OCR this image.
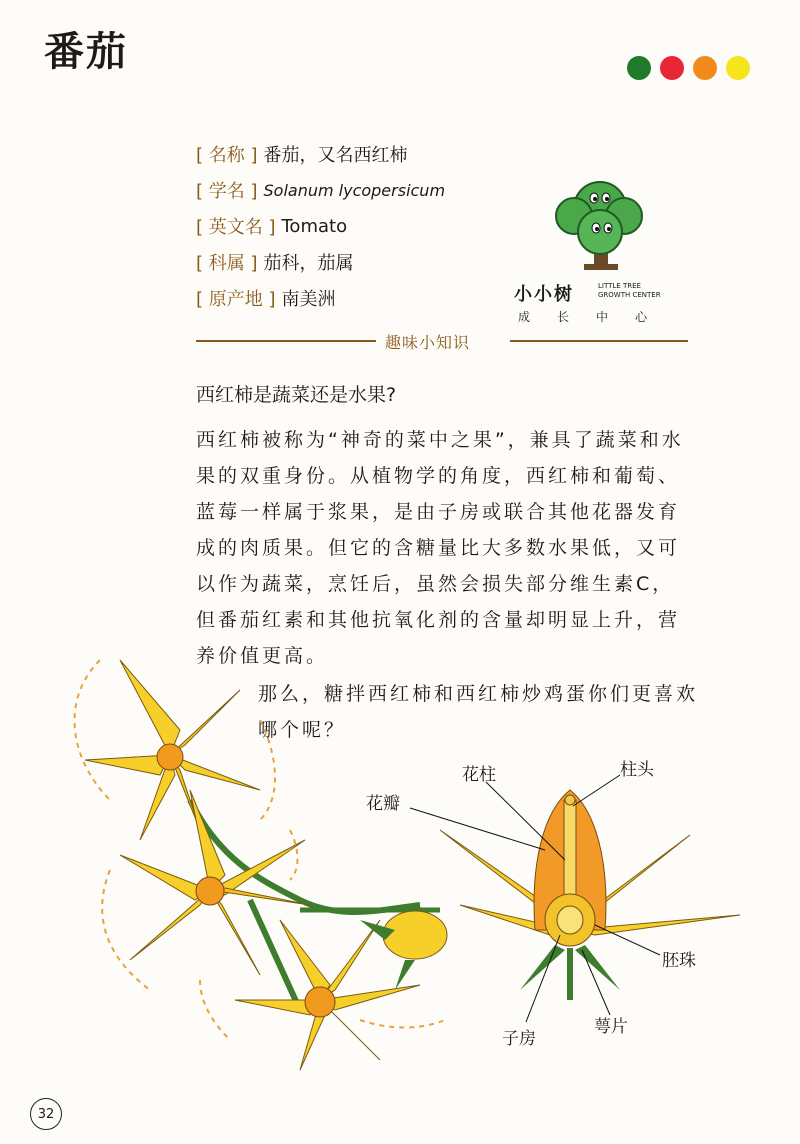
番茄
[ 名称 ] 番茄，又名西红柿
[ 学名 ] Solanum lycopersicum
[ 英文名 ] Tomato
[ 科属 ] 茄科，茄属
[ 原产地 ] 南美洲	小小树	LITTLE TREE
GROWTH CENTER
成长中心
趣味小知识
西红柿是蔬菜还是水果?
西红柿被称为“神奇的菜中之果”，兼具了蔬菜和水果的双重身份。从植物学的角度，西红柿和葡萄、蓝莓一样属于浆果，是由子房或联合其他花器发育成的肉质果。但它的含糖量比大多数水果低，又可以作为蔬菜，烹饪后，虽然会损失部分维生素C，但番茄红素和其他抗氧化剂的含量却明显上升，营养价值更高。
那么，糖拌西红柿和西红柿炒鸡蛋你们更喜欢哪个呢？
花柱	柱头
花瓣
胚珠
子房
萼片
32
